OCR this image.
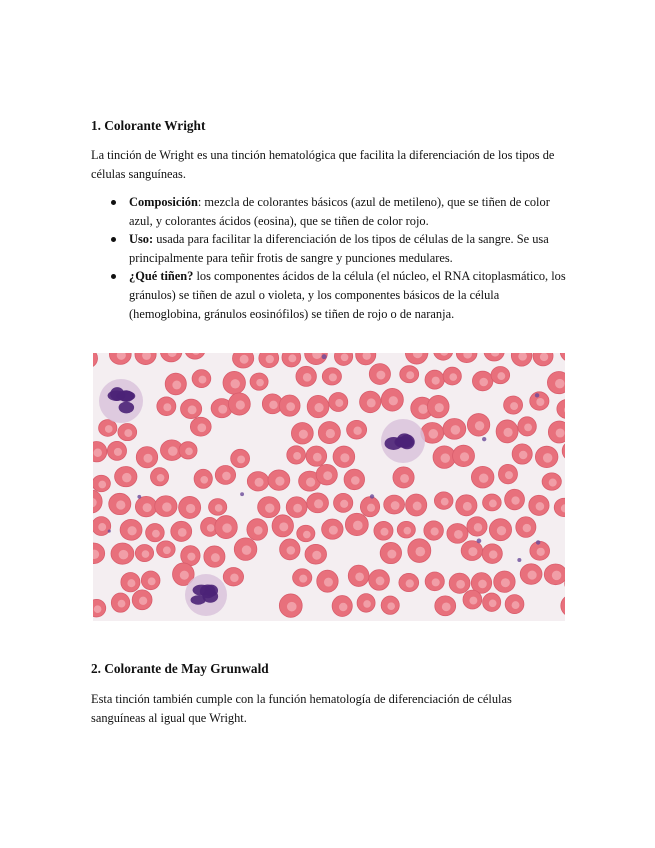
1. Colorante Wright

La tinción de Wright es una tinción hematológica que facilita la diferenciación de los tipos de células sanguíneas.

Composición: mezcla de colorantes básicos (azul de metileno), que se tiñen de color azul, y colorantes ácidos (eosina), que se tiñen de color rojo.
Uso: usada para facilitar la diferenciación de los tipos de células de la sangre. Se usa principalmente para teñir frotis de sangre y punciones medulares.
¿Qué tiñen? los componentes ácidos de la célula (el núcleo, el RNA citoplasmático, los gránulos) se tiñen de azul o violeta, y los componentes básicos de la célula (hemoglobina, gránulos eosinófilos) se tiñen de rojo o de naranja.
2. Colorante de May Grunwald

Esta tinción también cumple con la función hematología de diferenciación de células sanguíneas al igual que Wright.
